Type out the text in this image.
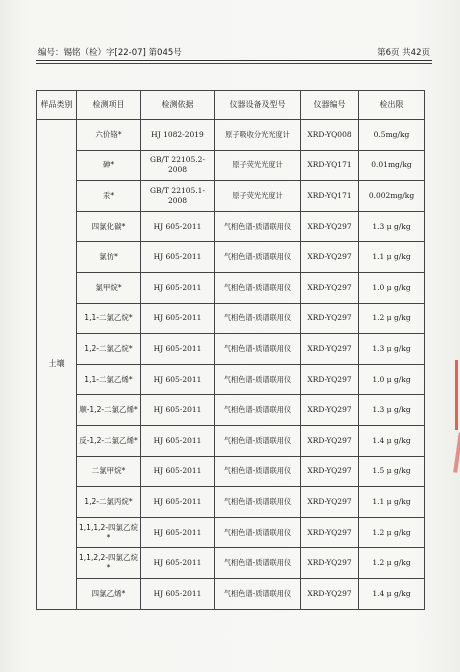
编号：锡铭（检）字[22-07] 第045号	第6页 共42页
样品类别	检测项目	检测依据	仪器设备及型号	仪器编号	检出限
土壤	六价铬*	HJ 1082-2019	原子吸收分光光度计	XRD-YQ008	0.5mg/kg
	砷*	GB/T 22105.2-2008	原子荧光光度计	XRD-YQ171	0.01mg/kg
	汞*	GB/T 22105.1-2008	原子荧光光度计	XRD-YQ171	0.002mg/kg
	四氯化碳*	HJ 605-2011	气相色谱-质谱联用仪	XRD-YQ297	1.3 μ g/kg
	氯仿*	HJ 605-2011	气相色谱-质谱联用仪	XRD-YQ297	1.1 μ g/kg
	氯甲烷*	HJ 605-2011	气相色谱-质谱联用仪	XRD-YQ297	1.0 μ g/kg
	1,1-二氯乙烷*	HJ 605-2011	气相色谱-质谱联用仪	XRD-YQ297	1.2 μ g/kg
	1,2-二氯乙烷*	HJ 605-2011	气相色谱-质谱联用仪	XRD-YQ297	1.3 μ g/kg
	1,1-二氯乙烯*	HJ 605-2011	气相色谱-质谱联用仪	XRD-YQ297	1.0 μ g/kg
	顺-1,2-二氯乙烯*	HJ 605-2011	气相色谱-质谱联用仪	XRD-YQ297	1.3 μ g/kg
	反-1,2-二氯乙烯*	HJ 605-2011	气相色谱-质谱联用仪	XRD-YQ297	1.4 μ g/kg
	二氯甲烷*	HJ 605-2011	气相色谱-质谱联用仪	XRD-YQ297	1.5 μ g/kg
	1,2-二氯丙烷*	HJ 605-2011	气相色谱-质谱联用仪	XRD-YQ297	1.1 μ g/kg
	1,1,1,2-四氯乙烷*	HJ 605-2011	气相色谱-质谱联用仪	XRD-YQ297	1.2 μ g/kg
	1,1,2,2-四氯乙烷*	HJ 605-2011	气相色谱-质谱联用仪	XRD-YQ297	1.2 μ g/kg
	四氯乙烯*	HJ 605-2011	气相色谱-质谱联用仪	XRD-YQ297	1.4 μ g/kg
